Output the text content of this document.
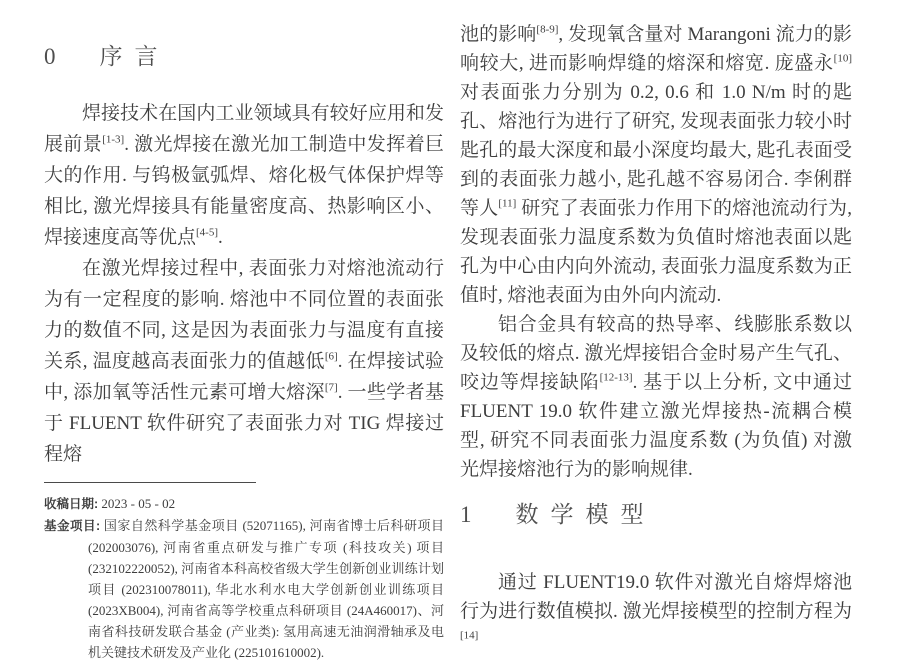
0 序言

焊接技术在国内工业领域具有较好应用和发展前景[1-3]. 激光焊接在激光加工制造中发挥着巨大的作用. 与钨极氩弧焊、熔化极气体保护焊等相比, 激光焊接具有能量密度高、热影响区小、焊接速度高等优点[4-5].

在激光焊接过程中, 表面张力对熔池流动行为有一定程度的影响. 熔池中不同位置的表面张力的数值不同, 这是因为表面张力与温度有直接关系, 温度越高表面张力的值越低[6]. 在焊接试验中, 添加氧等活性元素可增大熔深[7]. 一些学者基于 FLUENT 软件研究了表面张力对 TIG 焊接过程熔

收稿日期: 2023 - 05 - 02
基金项目: 国家自然科学基金项目 (52071165), 河南省博士后科研项目 (202003076), 河南省重点研发与推广专项 (科技攻关) 项目 (232102220052), 河南省本科高校省级大学生创新创业训练计划项目 (202310078011), 华北水利水电大学创新创业训练项目 (2023XB004), 河南省高等学校重点科研项目 (24A460017)、河南省科技研发联合基金 (产业类): 氢用高速无油润滑轴承及电机关键技术研发及产业化 (225101610002).

池的影响[8-9], 发现氧含量对 Marangoni 流力的影响较大, 进而影响焊缝的熔深和熔宽. 庞盛永[10] 对表面张力分别为 0.2, 0.6 和 1.0 N/m 时的匙孔、熔池行为进行了研究, 发现表面张力较小时匙孔的最大深度和最小深度均最大, 匙孔表面受到的表面张力越小, 匙孔越不容易闭合. 李俐群等人[11] 研究了表面张力作用下的熔池流动行为, 发现表面张力温度系数为负值时熔池表面以匙孔为中心由内向外流动, 表面张力温度系数为正值时, 熔池表面为由外向内流动.

铝合金具有较高的热导率、线膨胀系数以及较低的熔点. 激光焊接铝合金时易产生气孔、咬边等焊接缺陷[12-13]. 基于以上分析, 文中通过 FLUENT 19.0 软件建立激光焊接热-流耦合模型, 研究不同表面张力温度系数 (为负值) 对激光焊接熔池行为的影响规律.

1 数学模型

通过 FLUENT19.0 软件对激光自熔焊熔池行为进行数值模拟. 激光焊接模型的控制方程为[14]
